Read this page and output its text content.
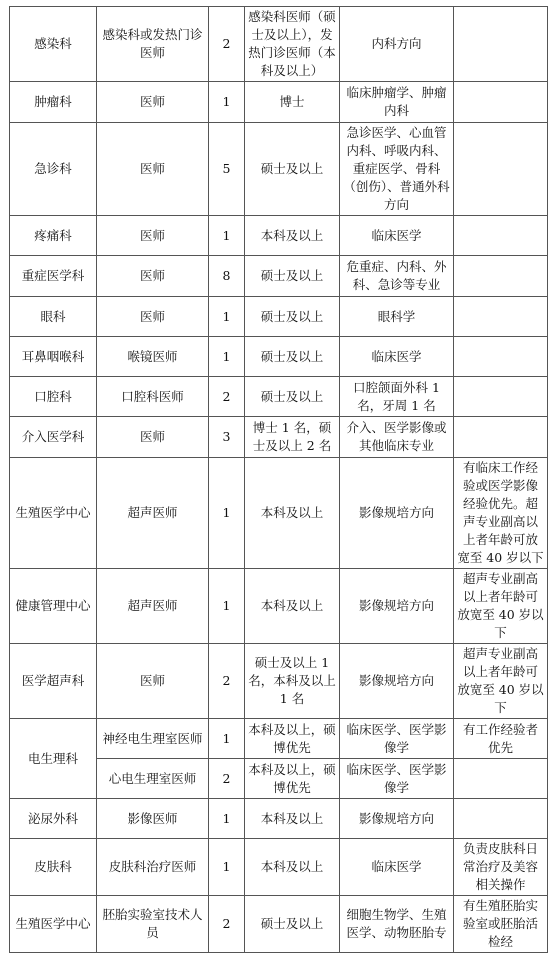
感染科	感染科或发热门诊医师	2	感染科医师（硕士及以上），发热门诊医师（本科及以上）	内科方向	
肿瘤科	医师	1	博士	临床肿瘤学、肿瘤内科	
急诊科	医师	5	硕士及以上	急诊医学、心血管内科、呼吸内科、重症医学、骨科（创伤）、普通外科方向	
疼痛科	医师	1	本科及以上	临床医学	
重症医学科	医师	8	硕士及以上	危重症、内科、外科、急诊等专业	
眼科	医师	1	硕士及以上	眼科学	
耳鼻咽喉科	喉镜医师	1	硕士及以上	临床医学	
口腔科	口腔科医师	2	硕士及以上	口腔颌面外科 1 名，牙周 1 名	
介入医学科	医师	3	博士 1 名，硕士及以上 2 名	介入、医学影像或其他临床专业	
生殖医学中心	超声医师	1	本科及以上	影像规培方向	有临床工作经验或医学影像经验优先。超声专业副高以上者年龄可放宽至 40 岁以下
健康管理中心	超声医师	1	本科及以上	影像规培方向	超声专业副高以上者年龄可放宽至 40 岁以下
医学超声科	医师	2	硕士及以上 1 名，本科及以上 1 名	影像规培方向	超声专业副高以上者年龄可放宽至 40 岁以下
电生理科	神经电生理室医师	1	本科及以上，硕博优先	临床医学、医学影像学	有工作经验者优先
	心电生理室医师	2	本科及以上，硕博优先	临床医学、医学影像学	
泌尿外科	影像医师	1	本科及以上	影像规培方向	
皮肤科	皮肤科治疗医师	1	本科及以上	临床医学	负责皮肤科日常治疗及美容相关操作
生殖医学中心	胚胎实验室技术人员	2	硕士及以上	细胞生物学、生殖医学、动物胚胎专	有生殖胚胎实验室或胚胎活检经
